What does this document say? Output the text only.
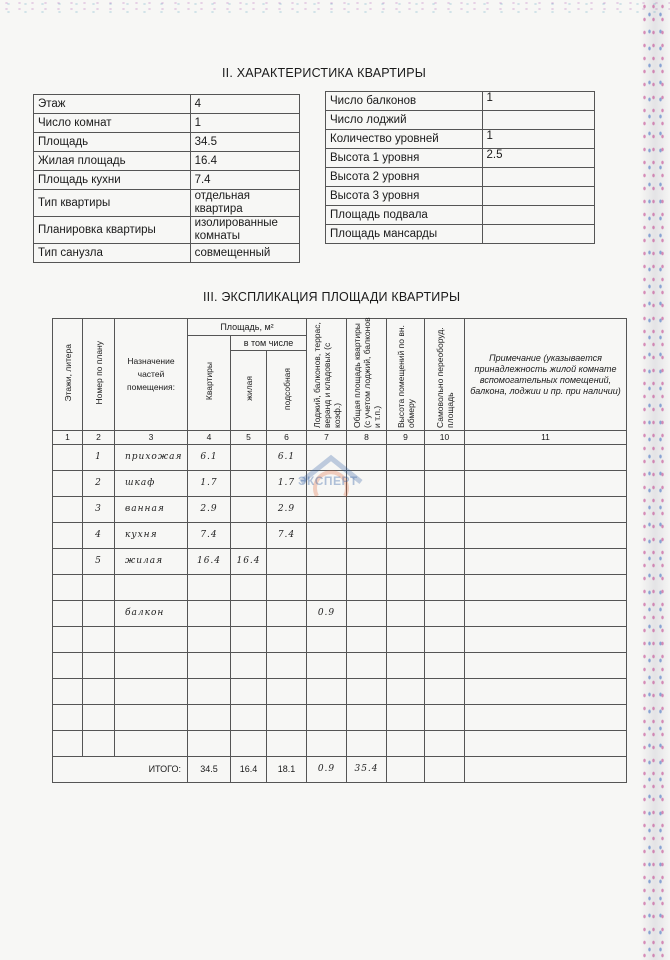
II. ХАРАКТЕРИСТИКА КВАРТИРЫ
Этаж	4
Число комнат	1
Площадь	34.5
Жилая площадь	16.4
Площадь кухни	7.4
Тип квартиры	отдельная квартира
Планировка квартиры	изолированные комнаты
Тип санузла	совмещенный
Число балконов	1
Число лоджий	
Количество уровней	1
Высота 1 уровня	2.5
Высота 2 уровня	
Высота 3 уровня	
Площадь подвала	
Площадь мансарды	
III. ЭКСПЛИКАЦИЯ ПЛОЩАДИ КВАРТИРЫ
Этажи, литера	Номер по плану	Назначение частей помещения:	Площадь, м²			Лоджий, балконов, террас, веранд и кладовых (с коэф.)	Общая площадь квартиры (с учетом лоджий, балконов и т.п.)	Высота помещений по вн. обмеру	Самовольно переоборуд. площадь	Примечание (указывается принадлежность жилой комнате вспомогательных помещений, балкона, лоджии и пр. при наличии)
			Квартиры	в том числе						
				жилая	подсобная					
1	2	3	4	5	6	7	8	9	10	11
	1	прихожая	6.1		6.1					
	2	шкаф	1.7		1.7					
	3	ванная	2.9		2.9					
	4	кухня	7.4		7.4					
	5	жилая	16.4	16.4						

		балкон				0.9				

ИТОГО:			34.5	16.4	18.1	0.9	35.4			
ЭКСПЕРТ
